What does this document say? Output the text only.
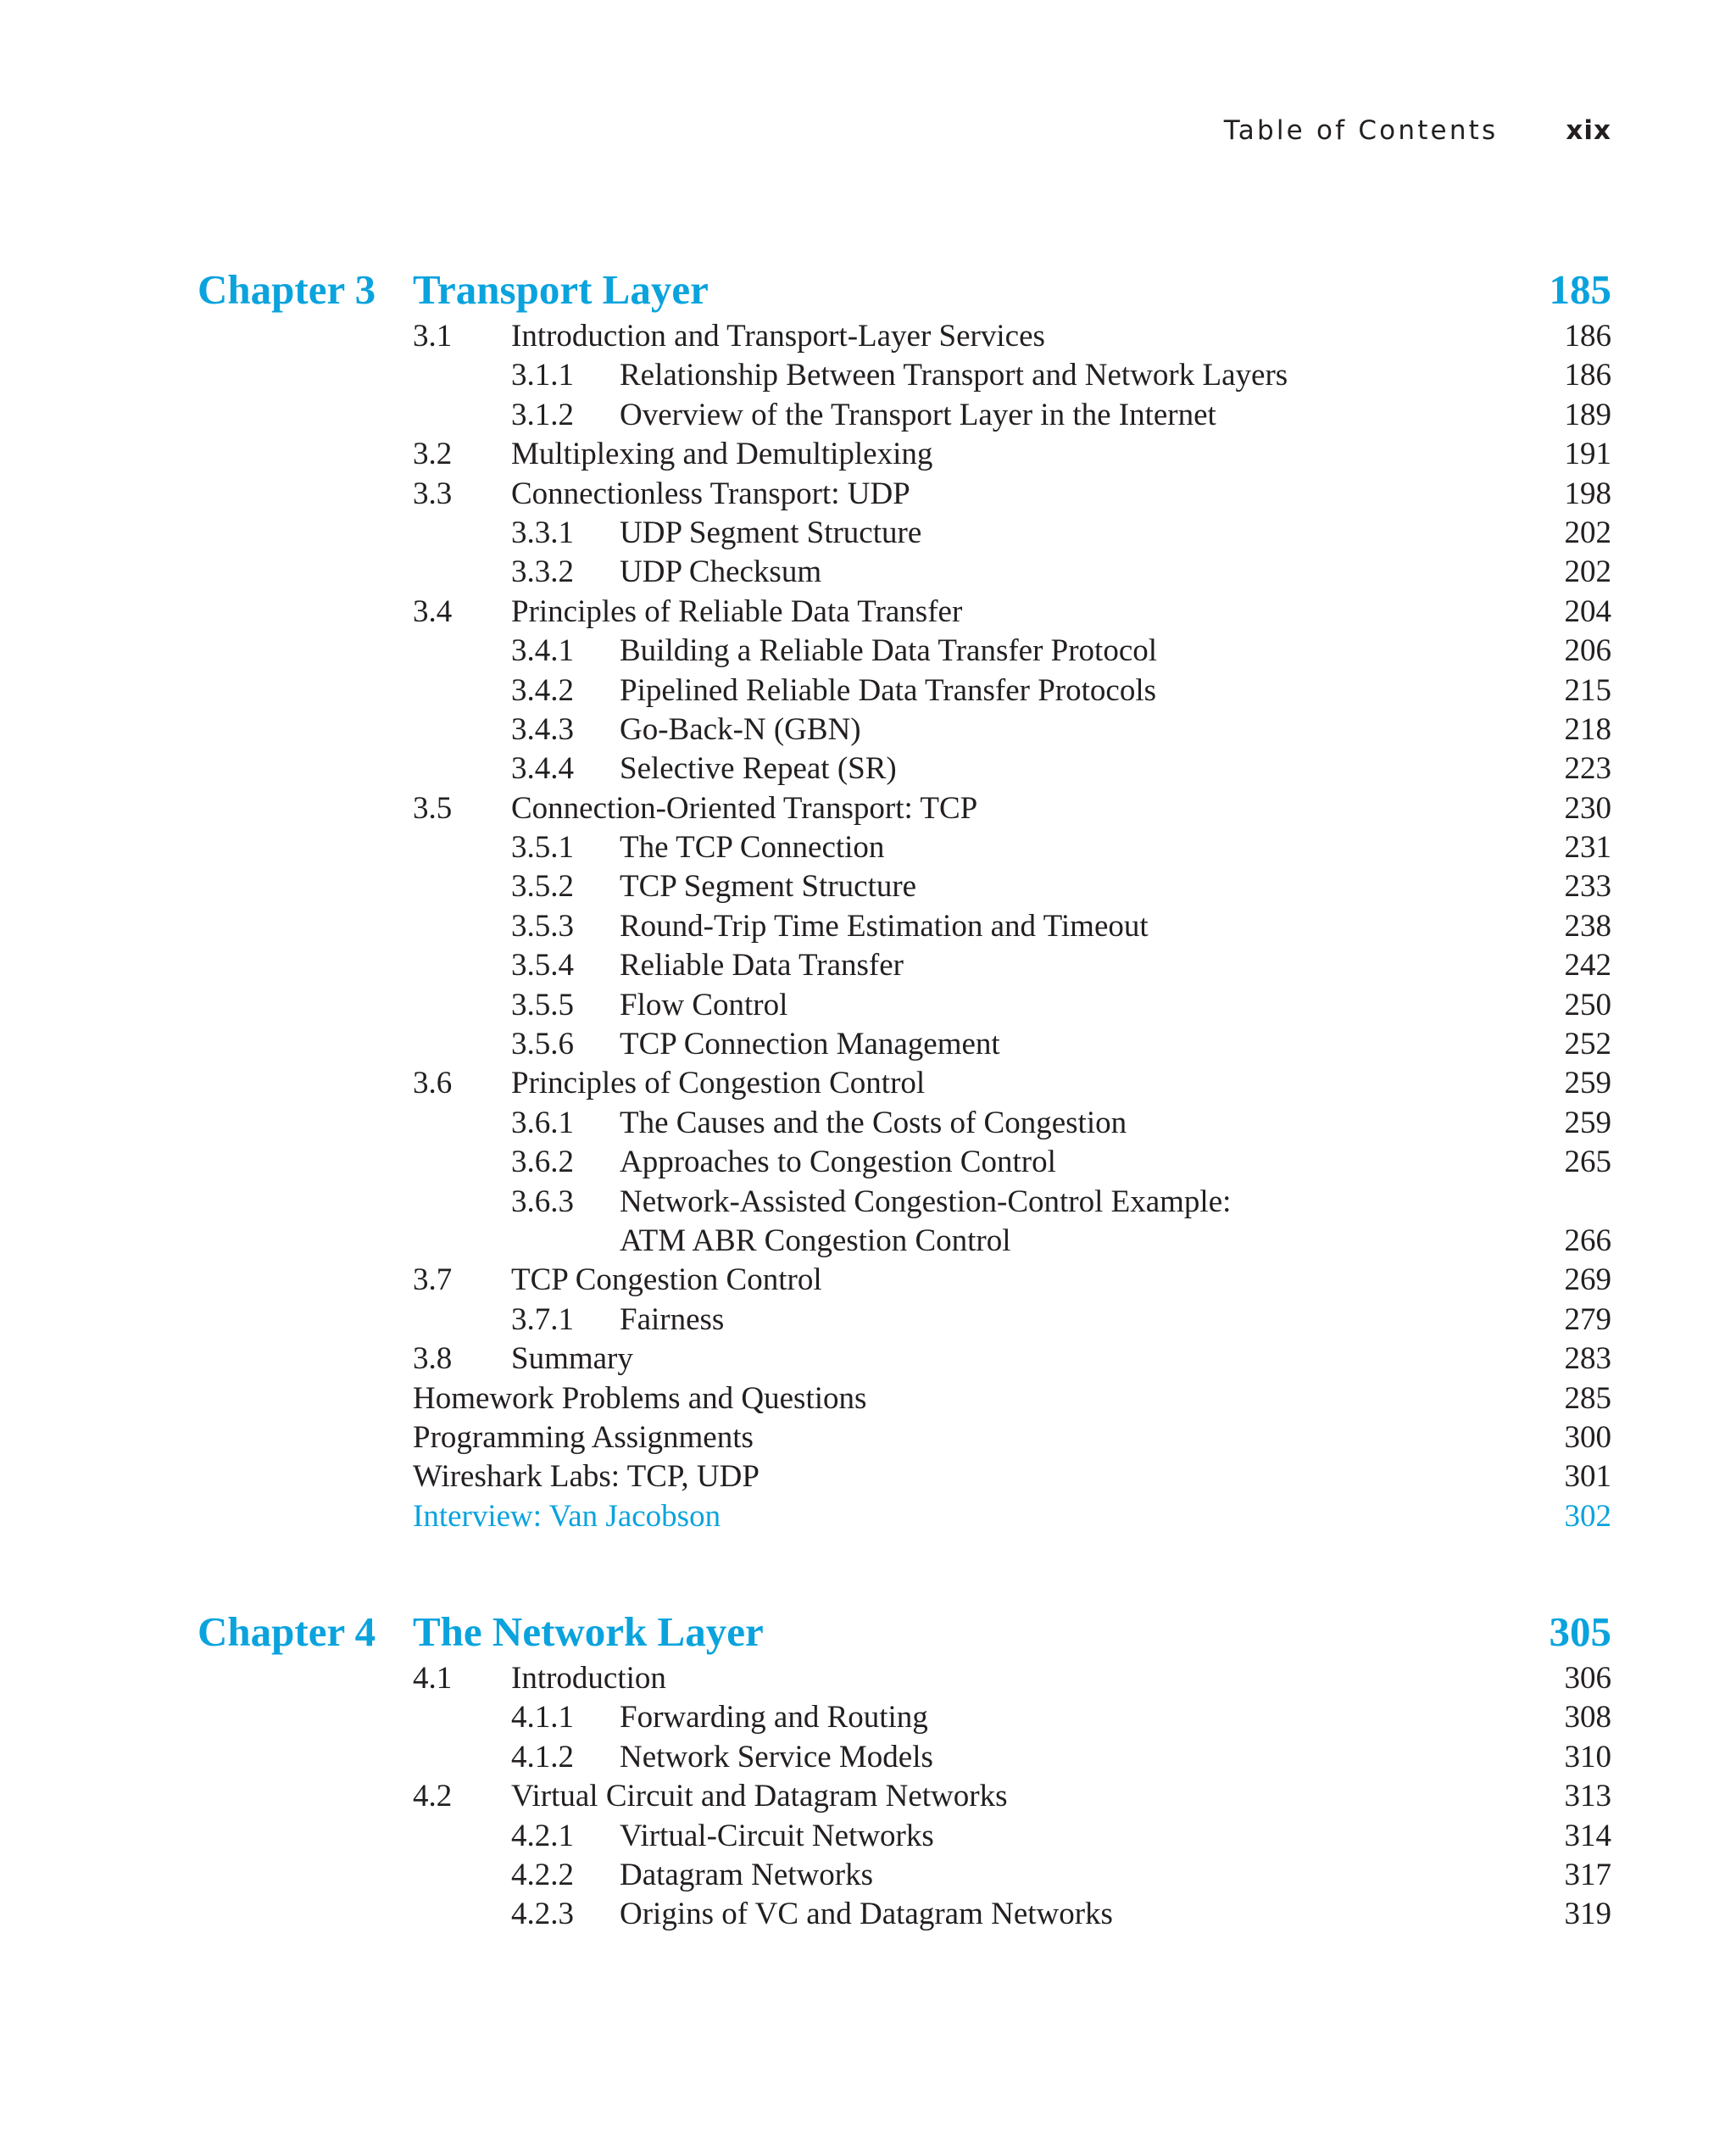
Table of Contents	xix
Chapter 3 Transport Layer	185
3.1 Introduction and Transport-Layer Services	186
3.1.1 Relationship Between Transport and Network Layers	186
3.1.2 Overview of the Transport Layer in the Internet	189
3.2 Multiplexing and Demultiplexing	191
3.3 Connectionless Transport: UDP	198
3.3.1 UDP Segment Structure	202
3.3.2 UDP Checksum	202
3.4 Principles of Reliable Data Transfer	204
3.4.1 Building a Reliable Data Transfer Protocol	206
3.4.2 Pipelined Reliable Data Transfer Protocols	215
3.4.3 Go-Back-N (GBN)	218
3.4.4 Selective Repeat (SR)	223
3.5 Connection-Oriented Transport: TCP	230
3.5.1 The TCP Connection	231
3.5.2 TCP Segment Structure	233
3.5.3 Round-Trip Time Estimation and Timeout	238
3.5.4 Reliable Data Transfer	242
3.5.5 Flow Control	250
3.5.6 TCP Connection Management	252
3.6 Principles of Congestion Control	259
3.6.1 The Causes and the Costs of Congestion	259
3.6.2 Approaches to Congestion Control	265
3.6.3 Network-Assisted Congestion-Control Example:
ATM ABR Congestion Control	266
3.7 TCP Congestion Control	269
3.7.1 Fairness	279
3.8 Summary	283
Homework Problems and Questions	285
Programming Assignments	300
Wireshark Labs: TCP, UDP	301
Interview: Van Jacobson	302
Chapter 4 The Network Layer	305
4.1 Introduction	306
4.1.1 Forwarding and Routing	308
4.1.2 Network Service Models	310
4.2 Virtual Circuit and Datagram Networks	313
4.2.1 Virtual-Circuit Networks	314
4.2.2 Datagram Networks	317
4.2.3 Origins of VC and Datagram Networks	319
